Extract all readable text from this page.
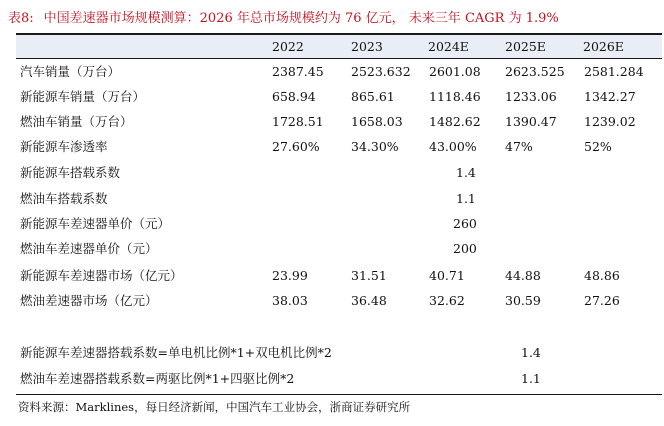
表8: 中国差速器市场规模测算：2026 年总市场规模约为 76 亿元， 未来三年 CAGR 为 1.9%
2022	2023	2024E	2025E	2026E
汽车销量（万台）	2387.45 2523.632 2601.08 2623.525 2581.284
新能源车销量（万台）	658.94	865.61	1118.46 1233.06 1342.27
燃油车销量（万台）	1728.51 1658.03 1482.62 1390.47 1239.02
新能源车渗透率	27.60%	34.30% 43.00% 47%	52%
新能源车搭载系数	1.4
燃油车搭载系数	1.1
新能源车差速器单价（元）	260
燃油车差速器单价（元）	200
新能源车差速器市场（亿元）	23.99	31.51	40.71	44.88	48.86
燃油差速器市场（亿元）	38.03	36.48	32.62	30.59	27.26
新能源车差速器搭载系数=单电机比例*1+双电机比例*2	1.4
燃油车差速器搭载系数=两驱比例*1+四驱比例*2	1.1
资料来源：Marklines，每日经济新闻，中国汽车工业协会，浙商证券研究所
